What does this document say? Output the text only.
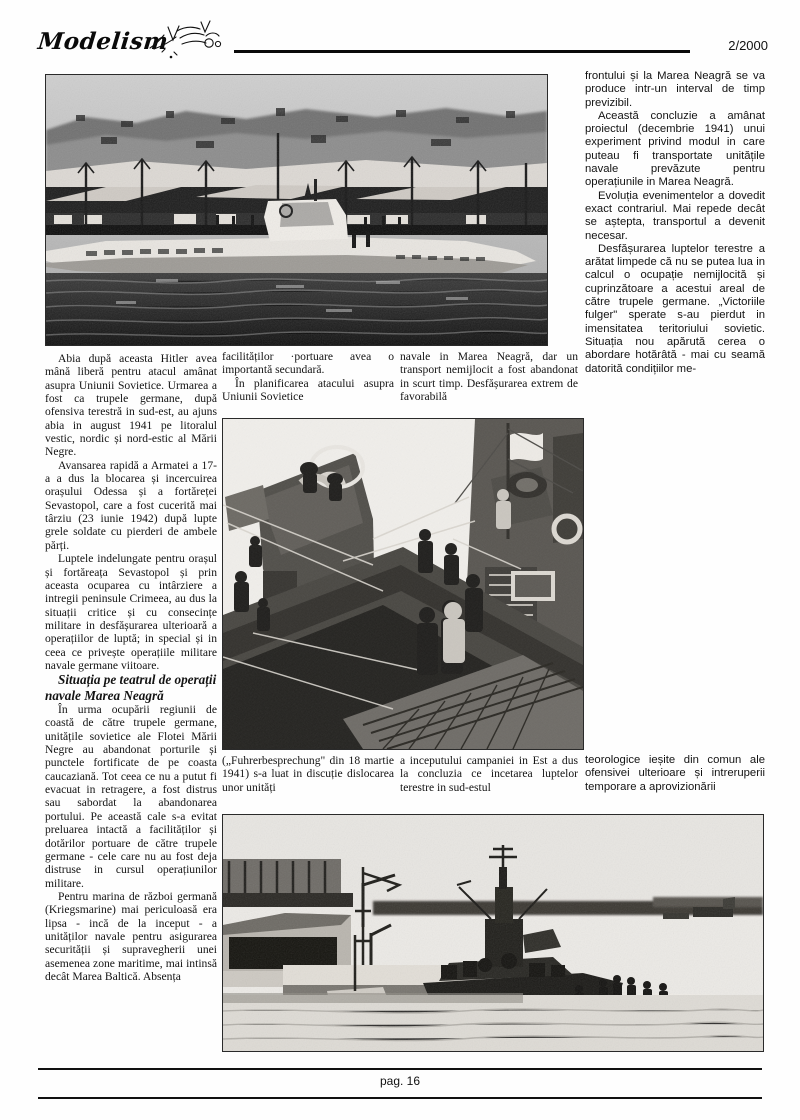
Modelism	2/2000

Abia după aceasta Hitler avea mână liberă pentru atacul amânat asupra Uniunii Sovietice. Urmarea a fost ca trupele germane, după ofensiva terestră in sud-est, au ajuns abia in august 1941 pe litoralul vestic, nordic și nord-estic al Mării Negre.

Avansarea rapidă a Armatei a 17-a a dus la blocarea și incercuirea orașului Odessa și a fortăreței Sevastopol, care a fost cucerită mai târziu (23 iunie 1942) după lupte grele soldate cu pierderi de ambele părți.

Luptele indelungate pentru orașul și fortăreața Sevastopol și prin aceasta ocuparea cu intârziere a intregii peninsule Crimeea, au dus la situații critice și cu consecințe militare in desfășurarea ulterioară a operațiilor de luptă; in special și in ceea ce privește operațiile militare navale germane viitoare.

Situația pe teatrul de operații navale Marea Neagră

În urma ocupării regiunii de coastă de către trupele germane, unitățile sovietice ale Flotei Mării Negre au abandonat porturile și punctele fortificate de pe coasta caucaziană. Tot ceea ce nu a putut fi evacuat in retragere, a fost distrus sau sabordat la abandonarea portului. Pe această cale s-a evitat preluarea intactă a facilităților și dotărilor portuare de către trupele germane - cele care nu au fost deja distruse in cursul operațiunilor militare.

Pentru marina de război germană (Kriegsmarine) mai periculoasă era lipsa - incă de la inceput - a unităților navale pentru asigurarea securității și supravegherii unei asemenea zone maritime, mai intinsă decât Marea Baltică. Absența

facilităților ·portuare avea o importantă secundară.

În planificarea atacului asupra Uniunii Sovietice

navale in Marea Neagră, dar un transport nemijlocit a fost abandonat in scurt timp. Desfășurarea extrem de favorabilă

frontului și la Marea Neagră se va produce intr-un interval de timp previzibil.

Această concluzie a amânat proiectul (decembrie 1941) unui experiment privind modul in care puteau fi transportate unitățile navale prevăzute pentru operațiunile in Marea Neagră.

Evoluția evenimentelor a dovedit exact contrariul. Mai repede decât se aștepta, transportul a devenit necesar.

Desfășurarea luptelor terestre a arătat limpede că nu se putea lua in calcul o ocupație nemijlocită și cuprinzătoare a acestui areal de către trupele germane. „Victoriile fulger" sperate s-au pierdut in imensitatea teritoriului sovietic. Situația nou apărută cerea o abordare hotărâtă - mai cu seamă datorită condițiilor me-

(„Fuhrerbesprechung" din 18 martie 1941) s-a luat in discuție dislocarea unor unități
a inceputului campaniei in Est a dus la concluzia ce incetarea luptelor terestre in sud-estul
teorologice ieșite din comun ale ofensivei ulterioare și intreruperii temporare a aprovizionării
pag. 16
